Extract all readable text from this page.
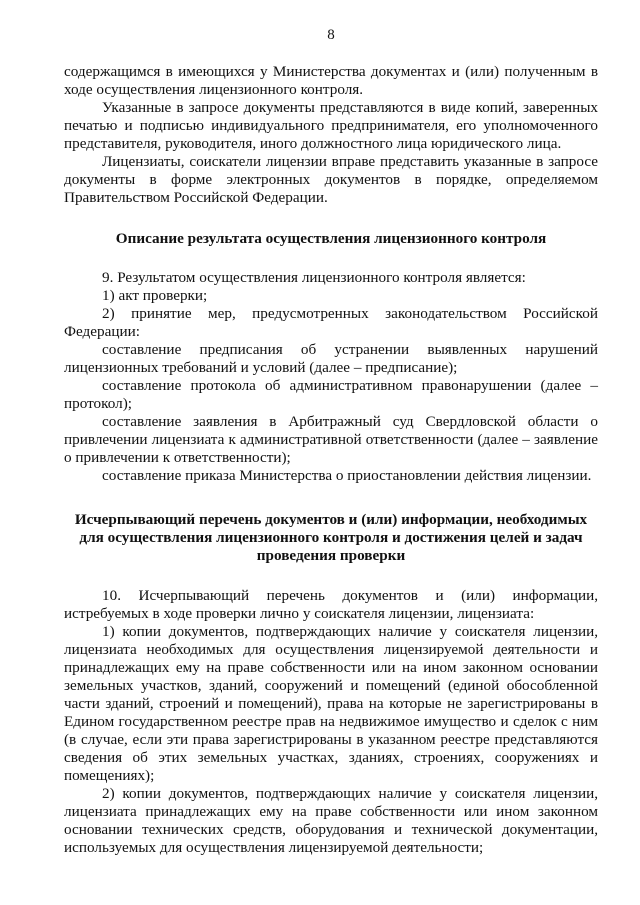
8

содержащимся в имеющихся у Министерства документах и (или) полученным в ходе осуществления лицензионного контроля.

Указанные в запросе документы представляются в виде копий, заверенных печатью и подписью индивидуального предпринимателя, его уполномоченного представителя, руководителя, иного должностного лица юридического лица.

Лицензиаты, соискатели лицензии вправе представить указанные в запросе документы в форме электронных документов в порядке, определяемом Правительством Российской Федерации.

Описание результата осуществления лицензионного контроля

9. Результатом осуществления лицензионного контроля является:

1) акт проверки;

2) принятие мер, предусмотренных законодательством Российской Федерации:

составление предписания об устранении выявленных нарушений лицензионных требований и условий (далее – предписание);

составление протокола об административном правонарушении (далее – протокол);

составление заявления в Арбитражный суд Свердловской области о привлечении лицензиата к административной ответственности (далее – заявление о привлечении к ответственности);

составление приказа Министерства о приостановлении действия лицензии.

Исчерпывающий перечень документов и (или) информации, необходимых для осуществления лицензионного контроля и достижения целей и задач проведения проверки

10. Исчерпывающий перечень документов и (или) информации, истребуемых в ходе проверки лично у соискателя лицензии, лицензиата:

1) копии документов, подтверждающих наличие у соискателя лицензии, лицензиата необходимых для осуществления лицензируемой деятельности и принадлежащих ему на праве собственности или на ином законном основании земельных участков, зданий, сооружений и помещений (единой обособленной части зданий, строений и помещений), права на которые не зарегистрированы в Едином государственном реестре прав на недвижимое имущество и сделок с ним (в случае, если эти права зарегистрированы в указанном реестре представляются сведения об этих земельных участках, зданиях, строениях, сооружениях и помещениях);

2) копии документов, подтверждающих наличие у соискателя лицензии, лицензиата принадлежащих ему на праве собственности или ином законном основании технических средств, оборудования и технической документации, используемых для осуществления лицензируемой деятельности;
